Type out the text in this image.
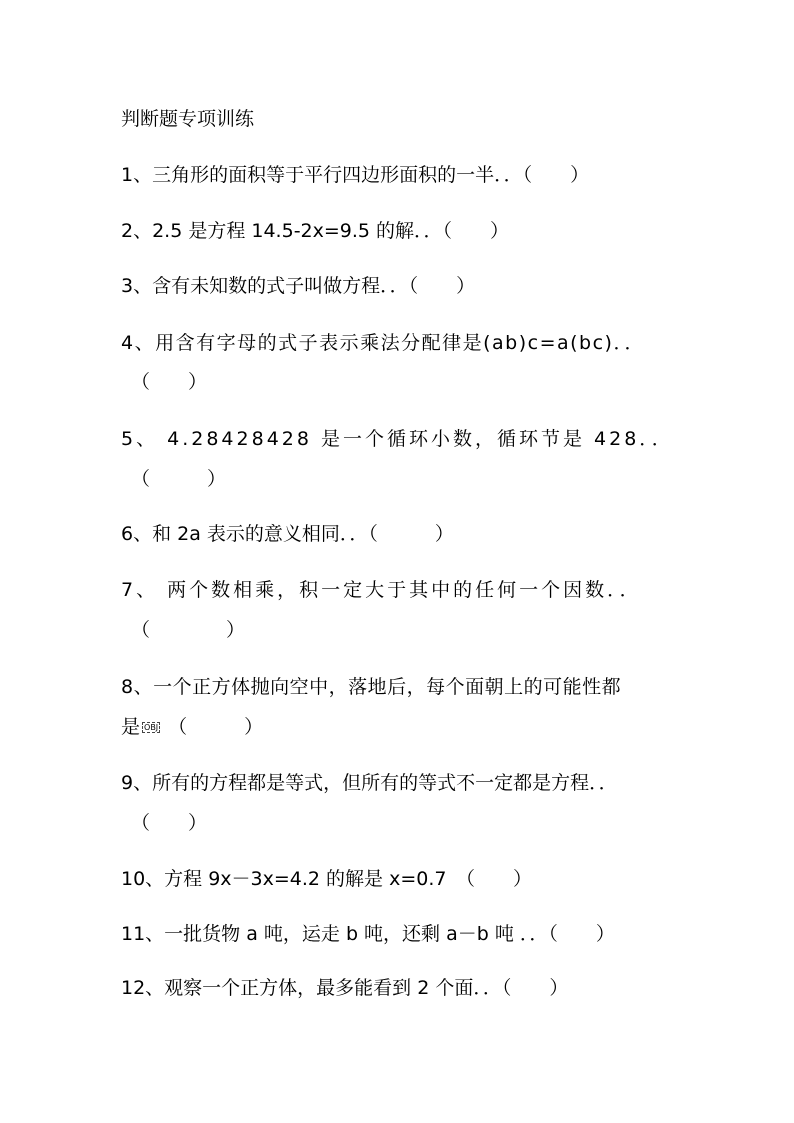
判断题专项训练
1、三角形的面积等于平行四边形面积的一半．．（　　）
2、2.5 是方程 14.5-2x=9.5 的解．．（　　）
3、含有未知数的式子叫做方程．．（　　）
4、用含有字母的式子表示乘法分配律是(ab)c=a(bc)．．
（　　）
5、 4.28428428 是一个循环小数，循环节是 428．．
（　　　）
6、和 2a 表示的意义相同．．（　　　）
7、 两个数相乘，积一定大于其中的任何一个因数．．
（　　　　）
8、一个正方体抛向空中，落地后，每个面朝上的可能性都
是 OBJ （　　　）
9、所有的方程都是等式，但所有的等式不一定都是方程．．
（　　）
10、方程 9x－3x=4.2 的解是 x=0.7　（　　）
11、一批货物 a 吨，运走 b 吨，还剩 a－b 吨 ．．（　　）
12、观察一个正方体，最多能看到 2 个面．．（　　）
